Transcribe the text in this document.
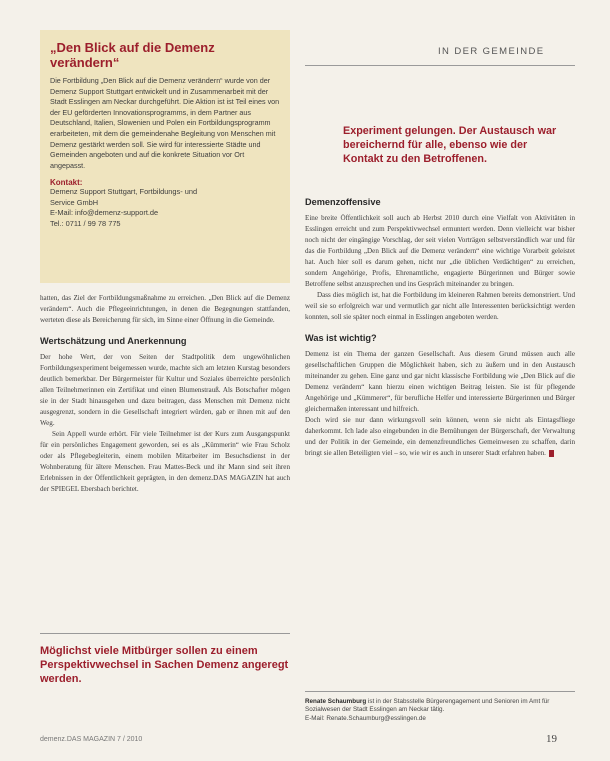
„Den Blick auf die Demenz verändern“

Die Fortbildung „Den Blick auf die Demenz verändern“ wurde von der Demenz Support Stuttgart entwickelt und in Zusammenarbeit mit der Stadt Esslingen am Neckar durchgeführt. Die Aktion ist ist Teil eines von der EU geförderten Innovationsprogramms, in dem Partner aus Deutschland, Italien, Slowenien und Polen ein Fortbildungsprogramm erarbeiteten, mit dem die gemeindenahe Begleitung von Menschen mit Demenz gestärkt werden soll. Sie wird für interessierte Städte und Gemeinden angeboten und auf die konkrete Situation vor Ort angepasst.

Kontakt:
Demenz Support Stuttgart, Fortbildungs- und
Service GmbH
E-Mail: info@demenz-support.de
Tel.: 0711 / 99 78 775
IN DER GEMEINDE
Experiment gelungen. Der Austausch war bereichernd für alle, ebenso wie der Kontakt zu den Betroffenen.

hatten, das Ziel der Fortbildungsmaßnahme zu erreichen. „Den Blick auf die Demenz verändern“. Auch die Pflegeeinrichtungen, in denen die Begegnungen stattfanden, werteten diese als Bereicherung für sich, im Sinne einer Öffnung in die Gemeinde.

Wertschätzung und Anerkennung

Der hohe Wert, der von Seiten der Stadtpolitik dem ungewöhnlichen Fortbildungsexperiment beigemessen wurde, machte sich am letzten Kurstag besonders deutlich bemerkbar. Der Bürgermeister für Kultur und Soziales überreichte persönlich allen Teilnehmerinnen ein Zertifikat und einen Blumenstrauß. Als Botschafter mögen sie in der Stadt hinausgehen und dazu beitragen, dass Menschen mit Demenz nicht ausgegrenzt, sondern in die Gesellschaft integriert würden, gab er ihnen mit auf den Weg.

Sein Appell wurde erhört. Für viele Teilnehmer ist der Kurs zum Ausgangspunkt für ein persönliches Engagement geworden, sei es als „Kümmerin“ wie Frau Scholz oder als Pflegebegleiterin, einem mobilen Mitarbeiter im Besuchsdienst in der Wohnberatung für ältere Menschen. Frau Mattes-Beck und ihr Mann sind seit ihren Erlebnissen in der Öffentlichkeit geprägten, in den demenz.DAS MAGAZIN hat auch der SPIEGEL Ebersbach berichtet.

Demenzoffensive

Eine breite Öffentlichkeit soll auch ab Herbst 2010 durch eine Vielfalt von Aktivitäten in Esslingen erreicht und zum Perspektivwechsel ermuntert werden. Denn vielleicht war bisher noch nicht der eingängige Vorschlag, der seit vielen Vorträgen selbstverständlich war und für das die Fortbildung „Den Blick auf die Demenz verändern“ eine wichtige Vorarbeit geleistet hat. Auch hier soll es darum gehen, nicht nur „die üblichen Verdächtigen“ zu erreichen, sondern Angehörige, Profis, Ehrenamtliche, engagierte Bürgerinnen und Bürger sowie Betroffene selbst anzusprechen und ins Gespräch miteinander zu bringen.

Dass dies möglich ist, hat die Fortbildung im kleineren Rahmen bereits demonstriert. Und weil sie so erfolgreich war und vermutlich gar nicht alle Interessenten berücksichtigt werden konnten, soll sie später noch einmal in Esslingen angeboten werden.

Was ist wichtig?

Demenz ist ein Thema der ganzen Gesellschaft. Aus diesem Grund müssen auch alle gesellschaftlichen Gruppen die Möglichkeit haben, sich zu äußern und in den Austausch miteinander zu gehen. Eine ganz und gar nicht klassische Fortbildung wie „Den Blick auf die Demenz verändern“ kann hierzu einen wichtigen Beitrag leisten. Sie ist für pflegende Angehörige und „Kümmerer“, für berufliche Helfer und interessierte Bürgerinnen und Bürger gleichermaßen interessant und hilfreich.

Doch wird sie nur dann wirkungsvoll sein können, wenn sie nicht als Eintagsfliege daherkommt. Ich lade also eingebunden in die Bemühungen der Bürgerschaft, der Verwaltung und der Politik in der Gemeinde, ein demenzfreundliches Gemeinwesen zu schaffen, darin bringt sie allen Beteiligten viel – so, wie wir es auch in unserer Stadt erfahren haben.

Möglichst viele Mitbürger sollen zu einem Perspektivwechsel in Sachen Demenz angeregt werden.

Renate Schaumburg ist in der Stabsstelle Bürgerengagement und Senioren im Amt für Sozialwesen der Stadt Esslingen am Neckar tätig.

E-Mail: Renate.Schaumburg@esslingen.de

demenz.DAS MAGAZIN 7 / 2010	19
